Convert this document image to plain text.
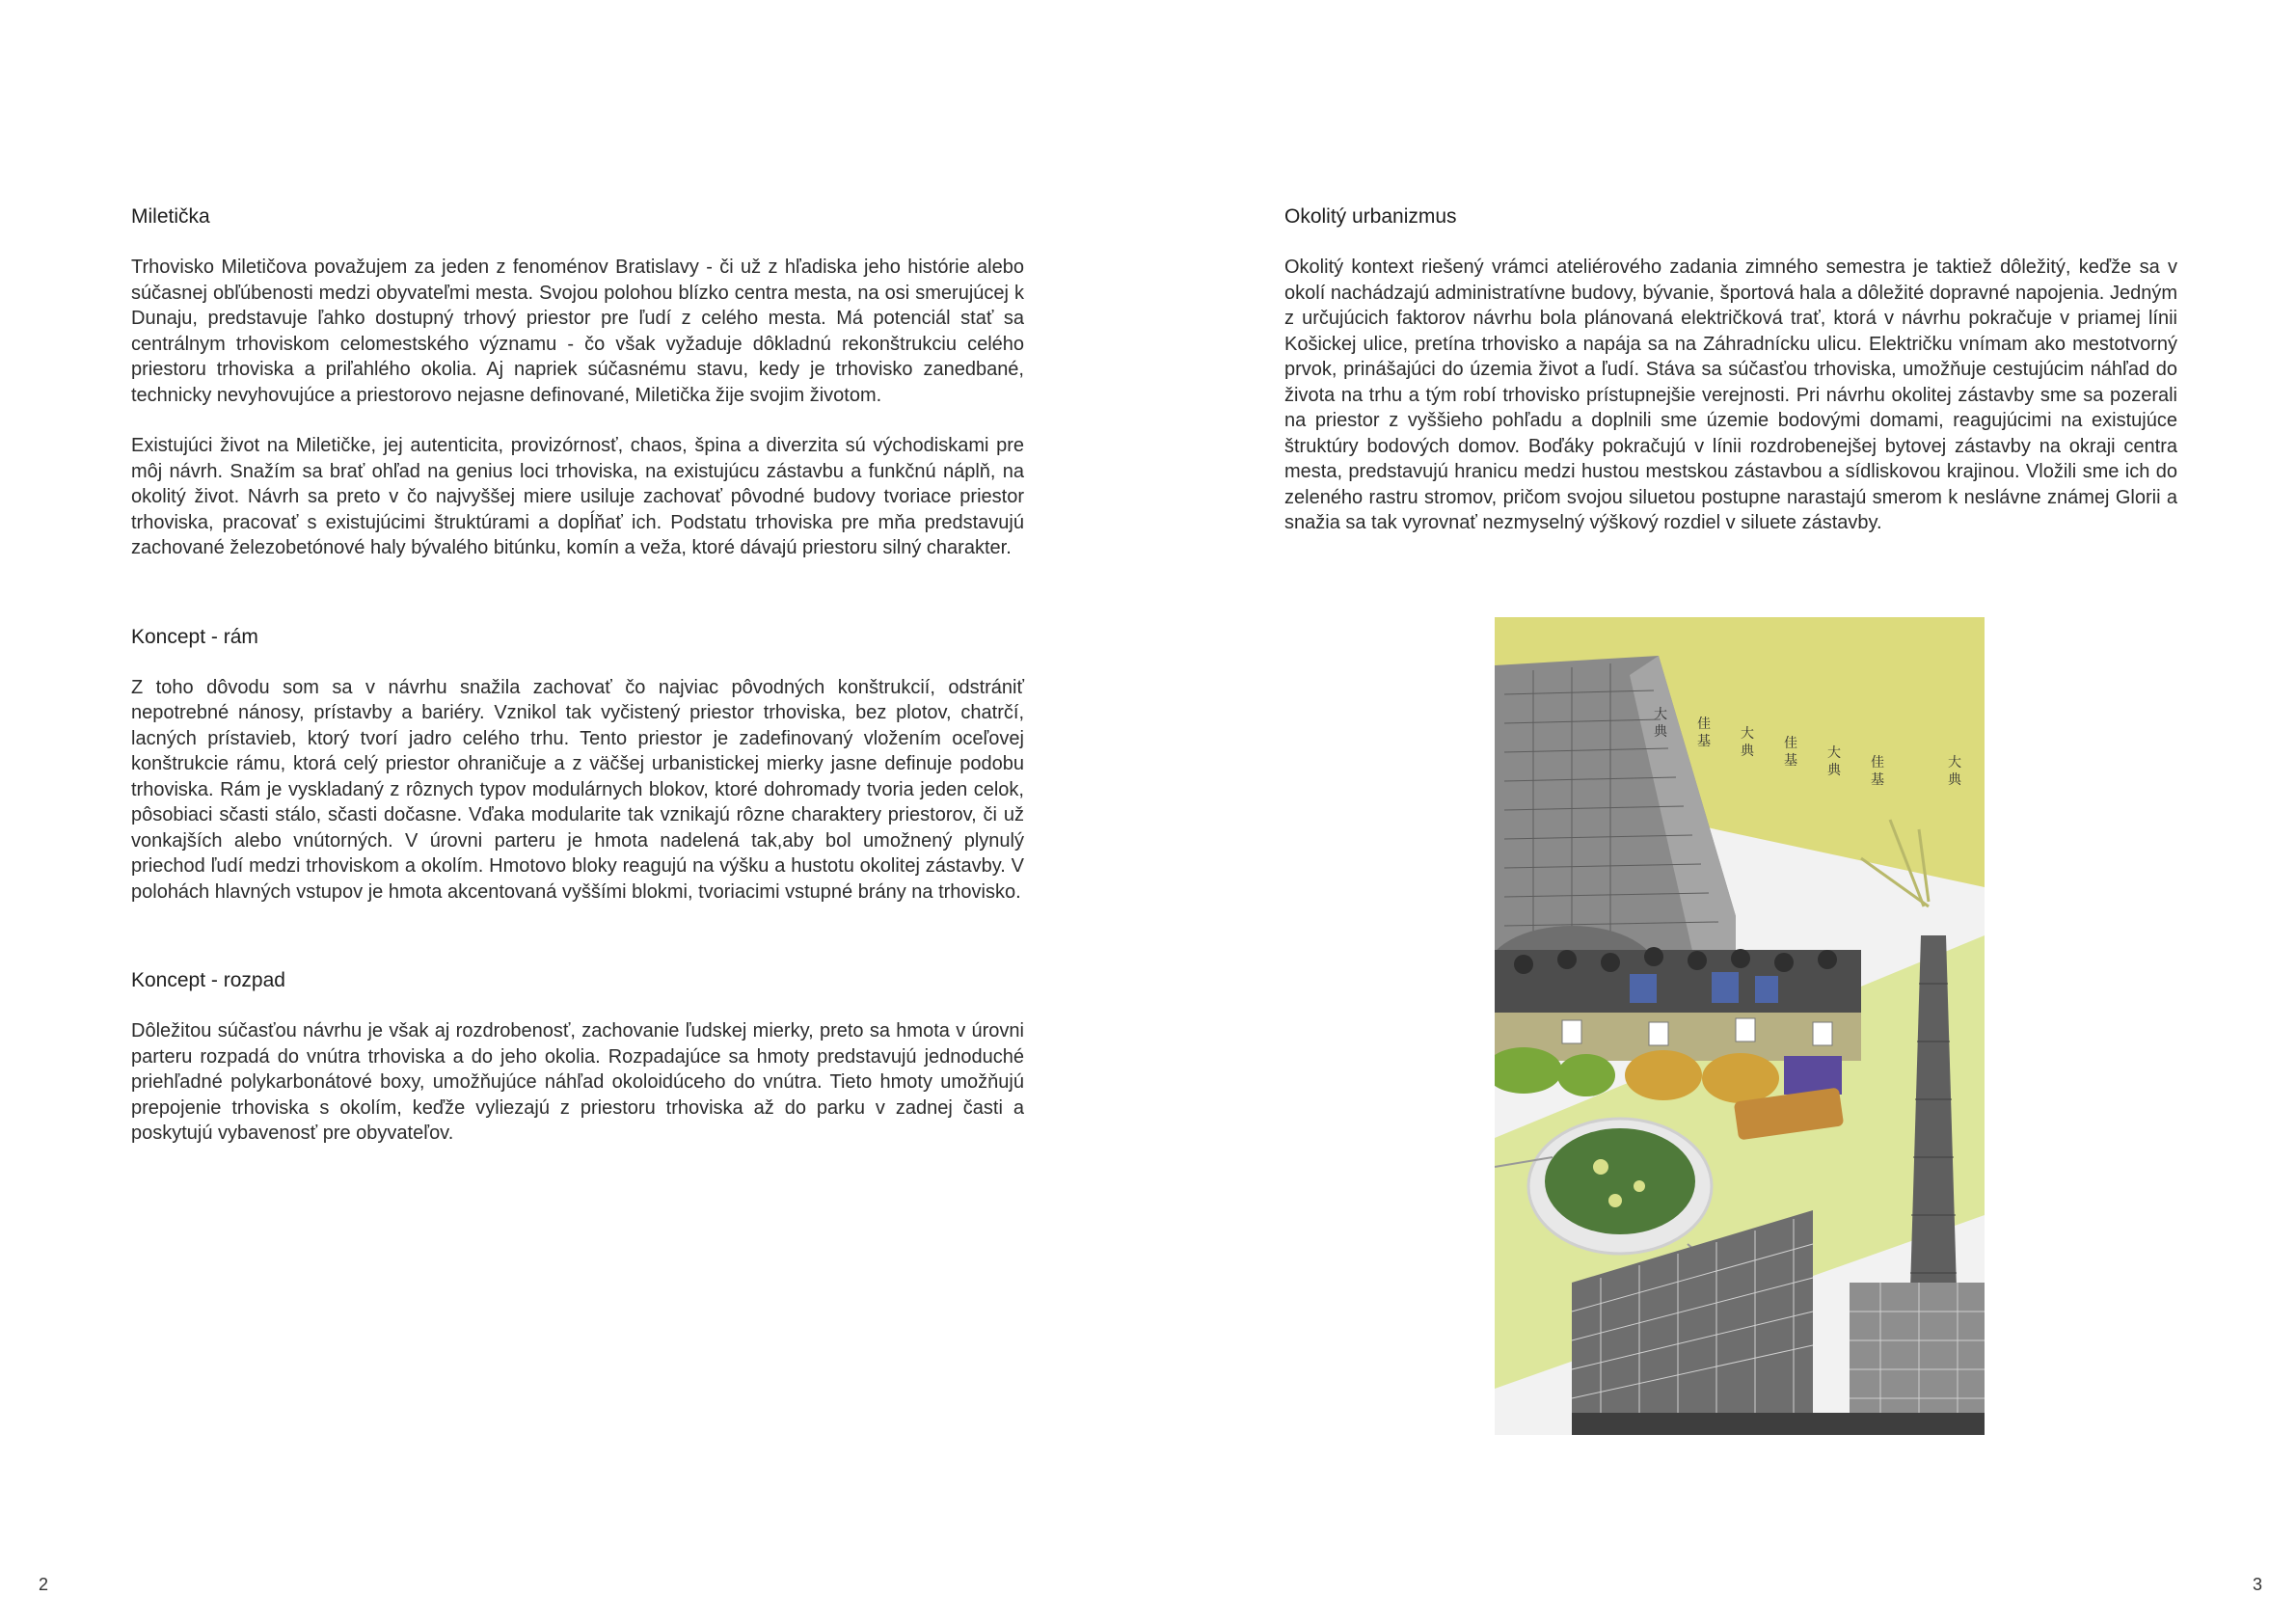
Miletička

Trhovisko Miletičova považujem za jeden z fenoménov Bratislavy - či už z hľadiska jeho histórie alebo súčasnej obľúbenosti medzi obyvateľmi mesta. Svojou polohou blízko centra mesta, na osi smerujúcej k Dunaju, predstavuje ľahko dostupný trhový priestor pre ľudí z celého mesta. Má potenciál stať sa centrálnym trhoviskom celomestského významu - čo však vyžaduje dôkladnú rekonštrukciu celého priestoru trhoviska a priľahlého okolia. Aj napriek súčasnému stavu, kedy je trhovisko zanedbané, technicky nevyhovujúce a priestorovo nejasne definované, Miletička žije svojim životom.

Existujúci život na Miletičke, jej autenticita, provizórnosť, chaos, špina a diverzita sú východiskami pre môj návrh. Snažím sa brať ohľad na genius loci trhoviska, na existujúcu zástavbu a funkčnú náplň, na okolitý život. Návrh sa preto v čo najvyššej miere usiluje zachovať pôvodné budovy tvoriace priestor trhoviska, pracovať s existujúcimi štruktúrami a dopĺňať ich. Podstatu trhoviska pre mňa predstavujú zachované železobetónové haly bývalého bitúnku, komín a veža, ktoré dávajú priestoru silný charakter.

Koncept - rám

Z toho dôvodu som sa v návrhu snažila zachovať čo najviac pôvodných konštrukcií, odstrániť nepotrebné nánosy, prístavby a bariéry. Vznikol tak vyčistený priestor trhoviska, bez plotov, chatrčí, lacných prístaviеb, ktorý tvorí jadro celého trhu. Tento priestor je zadefinovaný vložením oceľovej konštrukcie rámu, ktorá celý priestor ohraničuje a z väčšej urbanistickej mierky jasne definuje podobu trhoviska. Rám je vyskladaný z rôznych typov modulárnych blokov, ktoré dohromady tvoria jeden celok, pôsobiaci sčasti stálo, sčasti dočasne. Vďaka modularite tak vznikajú rôzne charaktery priestorov, či už vonkajších alebo vnútorných. V úrovni parteru je hmota nadelená tak,aby bol umožnený plynulý priechod ľudí medzi trhoviskom a okolím. Hmotovo bloky reagujú na výšku a hustotu okolitej zástavby. V polohách hlavných vstupov je hmota akcentovaná vyššími blokmi, tvoriacimi vstupné brány na trhovisko.

Koncept - rozpad

Dôležitou súčasťou návrhu je však aj rozdrobenosť, zachovanie ľudskej mierky, preto sa hmota v úrovni parteru rozpadá do vnútra trhoviska a do jeho okolia. Rozpadajúce sa hmoty predstavujú jednoduché priehľadné polykarbonátové boxy, umožňujúce náhľad okoloidúceho do vnútra. Tieto hmoty umožňujú prepojenie trhoviska s okolím, keďže vyliezajú z priestoru trhoviska až do parku v zadnej časti a poskytujú vybavenosť pre obyvateľov.

2
Okolitý urbanizmus

Okolitý kontext riešený vrámci ateliérového zadania zimného semestra je taktiež dôležitý, keďže sa v okolí nachádzajú administratívne budovy, bývanie, športová hala a dôležité dopravné napojenia. Jedným z určujúcich faktorov návrhu bola plánovaná električková trať, ktorá v návrhu pokračuje v priamej línii Košickej ulice, pretína trhovisko a napája sa na Záhradnícku ulicu. Električku vnímam ako mestotvorný prvok, prinášajúci do územia život a ľudí. Stáva sa súčasťou trhoviska, umožňuje cestujúcim náhľad do života na trhu a tým robí trhovisko prístupnejšie verejnosti. Pri návrhu okolitej zástavby sme sa pozerali na priestor z vyššieho pohľadu a doplnili sme územie bodovými domami, reagujúcimi na existujúce štruktúry bodových domov. Boďáky pokračujú v línii rozdrobenejšej bytovej zástavby na okraji centra mesta, predstavujú hranicu medzi hustou mestskou zástavbou a sídliskovou krajinou. Vložili sme ich do zeleného rastru stromov, pričom svojou siluetou postupne narastajú smerom k neslávne známej Glorii a snažia sa tak vyrovnať nezmyselný výškový rozdiel v siluete zástavby.

大
典 佳
基 大
典 佳
基 大
典 佳
基
大
典
3
